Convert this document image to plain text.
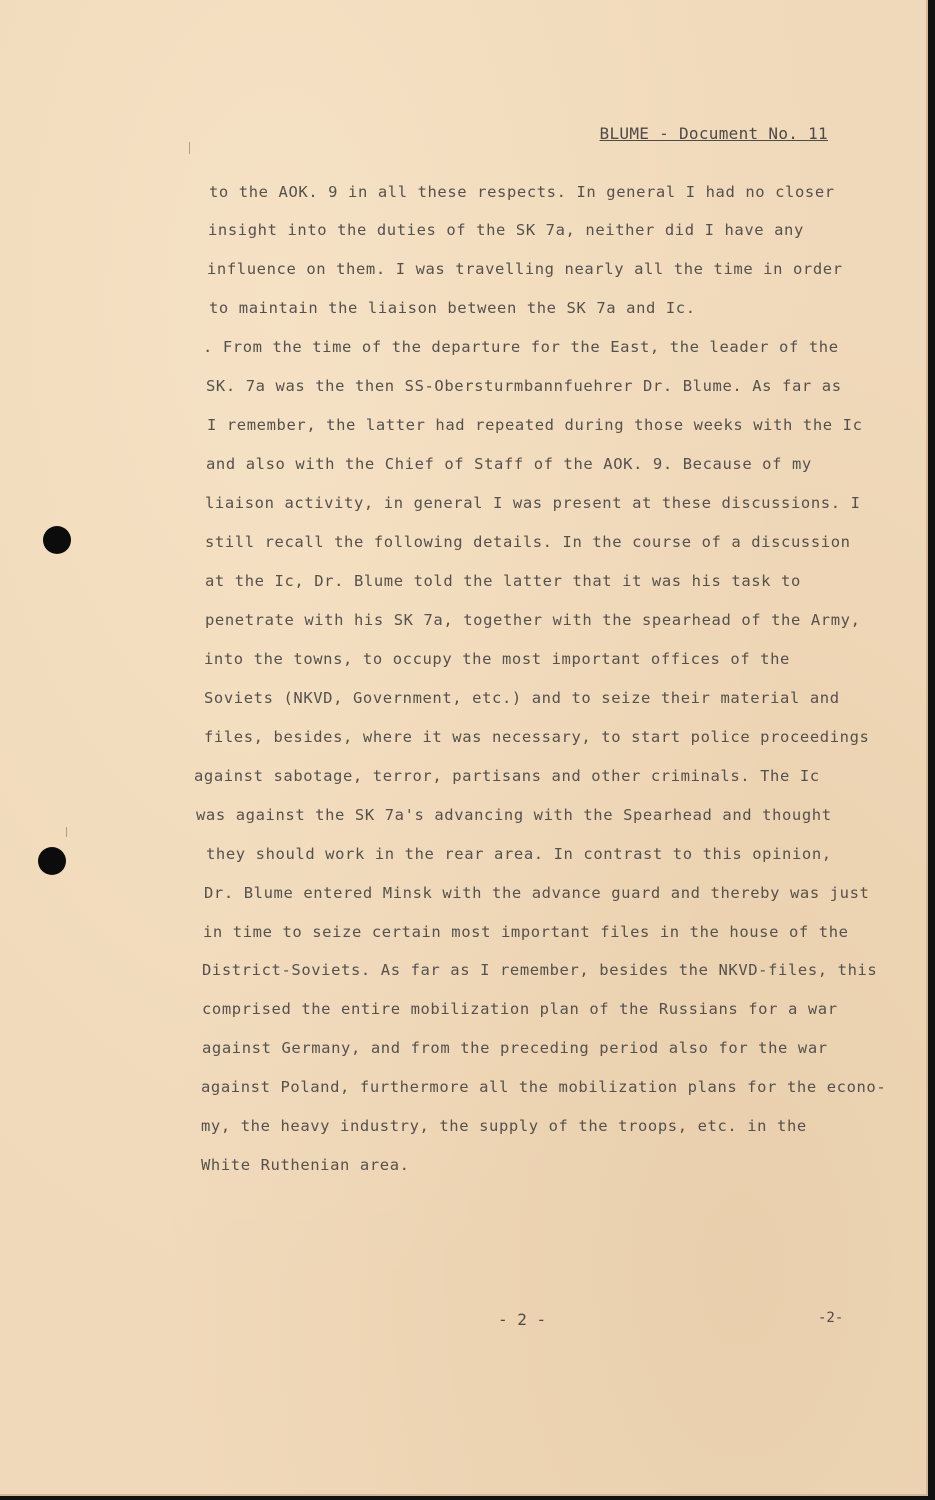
BLUME - Document No. 11
to the AOK. 9 in all these respects. In general I had no closer
insight into the duties of the SK 7a, neither did I have any
influence on them. I was travelling nearly all the time in order
to maintain the liaison between the SK 7a and Ic.
. From the time of the departure for the East, the leader of the
SK. 7a was the then SS-Obersturmbannfuehrer Dr. Blume. As far as
I remember, the latter had repeated during those weeks with the Ic
and also with the Chief of Staff of the AOK. 9. Because of my
liaison activity, in general I was present at these discussions. I
still recall the following details. In the course of a discussion
at the Ic, Dr. Blume told the latter that it was his task to
penetrate with his SK 7a, together with the spearhead of the Army,
into the towns, to occupy the most important offices of the
Soviets (NKVD, Government, etc.) and to seize their material and
files, besides, where it was necessary, to start police proceedings
against sabotage, terror, partisans and other criminals. The Ic
was against the SK 7a's advancing with the Spearhead and thought
they should work in the rear area. In contrast to this opinion,
Dr. Blume entered Minsk with the advance guard and thereby was just
in time to seize certain most important files in the house of the
District-Soviets. As far as I remember, besides the NKVD-files, this
comprised the entire mobilization plan of the Russians for a war
against Germany, and from the preceding period also for the war
against Poland, furthermore all the mobilization plans for the econo-
my, the heavy industry, the supply of the troops, etc. in the
White Ruthenian area.
- 2 -	-2-
